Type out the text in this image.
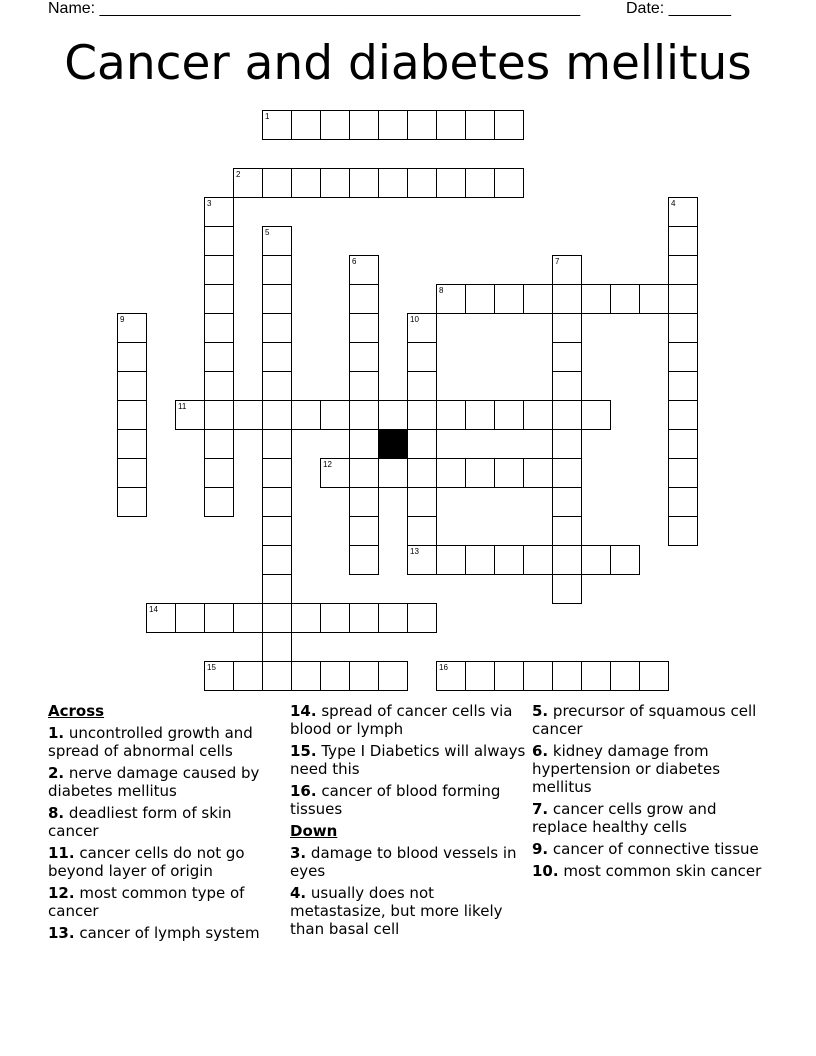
Name: ______________________________________________________	Date: _______
Cancer and diabetes mellitus
1
2
3	4
5
6	7
8
9	10
11
12
13
14
15	16
Across
1. uncontrolled growth and spread of abnormal cells
2. nerve damage caused by diabetes mellitus
8. deadliest form of skin cancer
11. cancer cells do not go beyond layer of origin
12. most common type of cancer
13. cancer of lymph system
14. spread of cancer cells via blood or lymph
15. Type I Diabetics will always need this
16. cancer of blood forming tissues
Down
3. damage to blood vessels in eyes
4. usually does not metastasize, but more likely than basal cell
5. precursor of squamous cell cancer
6. kidney damage from hypertension or diabetes mellitus
7. cancer cells grow and replace healthy cells
9. cancer of connective tissue
10. most common skin cancer
